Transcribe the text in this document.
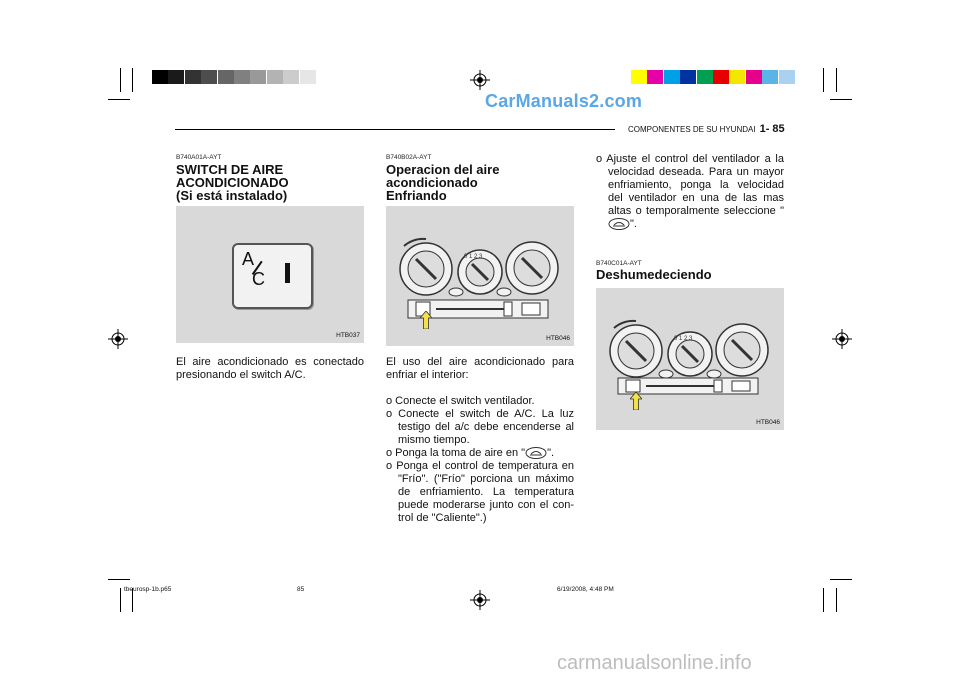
CarManuals2.com
COMPONENTES DE SU HYUNDAI 1- 85
B740A01A-AYT
SWITCH DE AIRE
ACONDICIONADO
(Si está instalado)
A
C
HTB037
El aire acondicionado es conectado presionando el switch A/C.
B740B02A-AYT
Operacion del aire
acondicionado
Enfriando
0 1 2 3
HTB046
El uso del aire acondicionado para enfriar el interior:
o Conecte el switch ventilador.
o Conecte el switch de A/C. La luz testigo del a/c debe encenderse al mismo tiempo.
o Ponga la toma de aire en " ".
o Ponga el control de temperatura en "Frío". ("Frío" porciona un máximo de enfriamiento. La temperatura puede moderarse junto con el con- trol de "Caliente".)
o Ajuste el control del ventilador a la velocidad deseada. Para un mayor enfriamiento, ponga la velocidad del ventilador en una de las mas altas o temporalmente seleccione "".
B740C01A-AYT
Deshumedeciendo
0 1 2 3
HTB046
tbeurosp-1b.p65	85	6/19/2008, 4:48 PM
carmanualsonline.info
